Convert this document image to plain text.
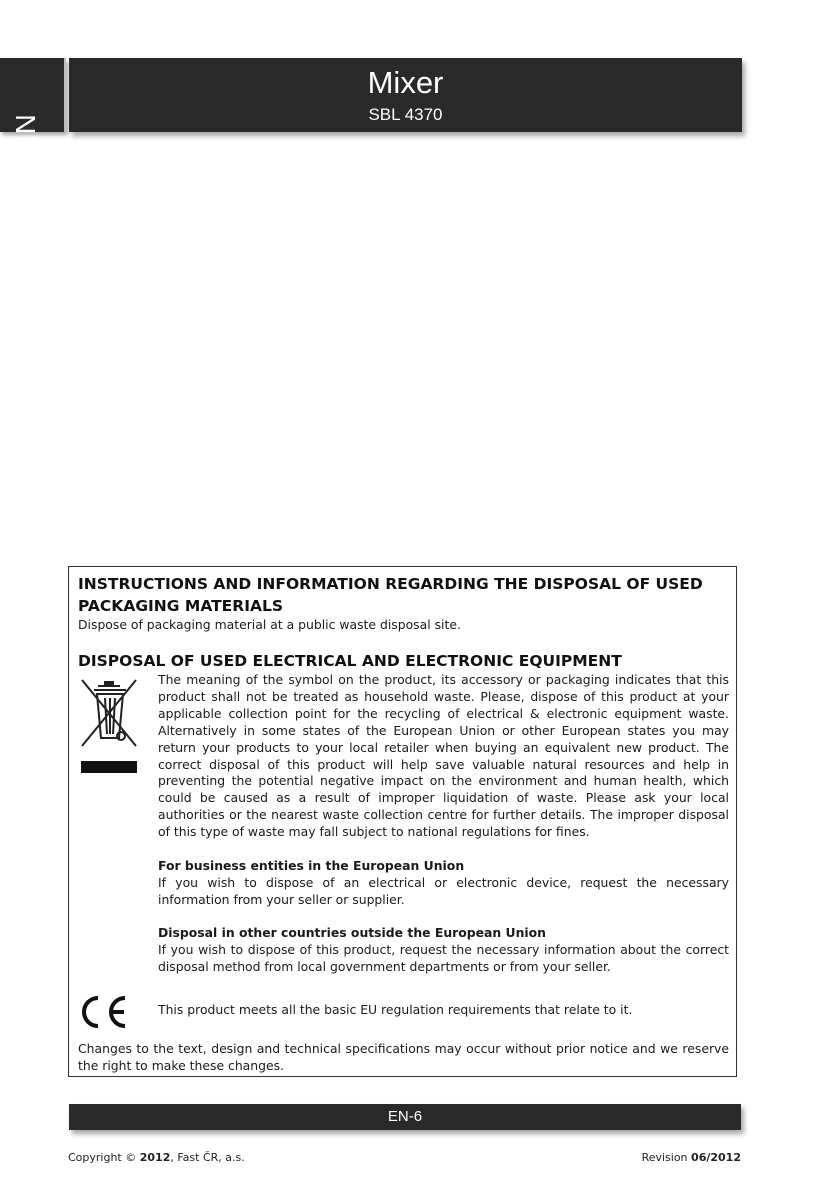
EN
Mixer
SBL 4370
INSTRUCTIONS AND INFORMATION REGARDING THE DISPOSAL OF USED
PACKAGING MATERIALS

Dispose of packaging material at a public waste disposal site.

DISPOSAL OF USED ELECTRICAL AND ELECTRONIC EQUIPMENT

The meaning of the symbol on the product, its accessory or packaging indicates that this product shall not be treated as household waste. Please, dispose of this product at your applicable collection point for the recycling of electrical & electronic equipment waste. Alternatively in some states of the European Union or other European states you may return your products to your local retailer when buying an equivalent new product. The correct disposal of this product will help save valuable natural resources and help in preventing the potential negative impact on the environment and human health, which could be caused as a result of improper liquidation of waste. Please ask your local authorities or the nearest waste collection centre for further details. The improper disposal of this type of waste may fall subject to national regulations for fines.

For business entities in the European Union

If you wish to dispose of an electrical or electronic device, request the necessary information from your seller or supplier.

Disposal in other countries outside the European Union

If you wish to dispose of this product, request the necessary information about the correct disposal method from local government departments or from your seller.

This product meets all the basic EU regulation requirements that relate to it.

Changes to the text, design and technical specifications may occur without prior notice and we reserve the right to make these changes.

EN-6
Copyright © 2012, Fast ČR, a.s.	Revision 06/2012
